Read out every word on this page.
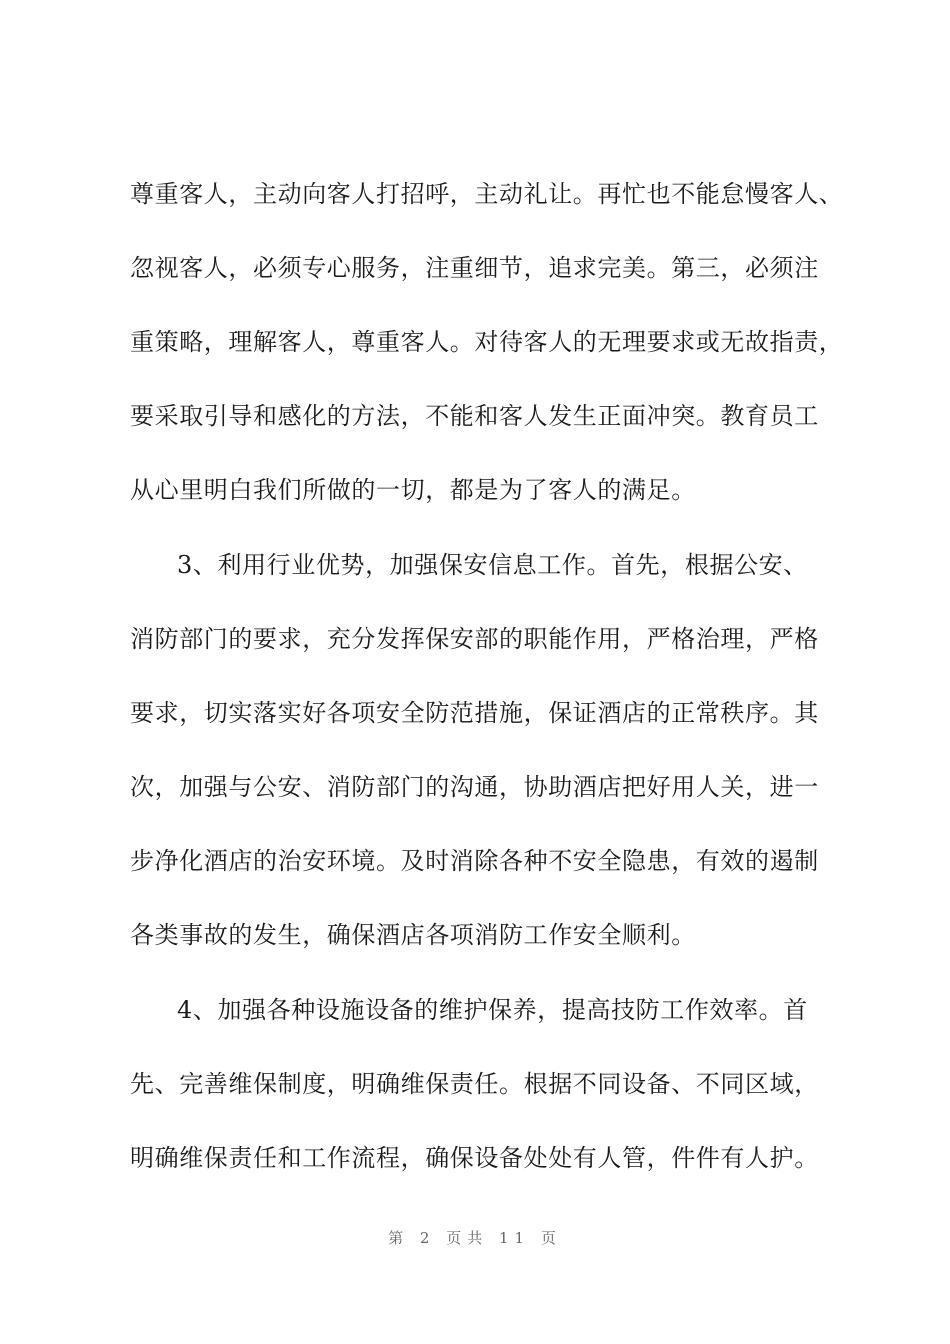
尊重客人，主动向客人打招呼，主动礼让。再忙也不能怠慢客人、
忽视客人，必须专心服务，注重细节，追求完美。第三，必须注
重策略，理解客人，尊重客人。对待客人的无理要求或无故指责，
要采取引导和感化的方法，不能和客人发生正面冲突。教育员工
从心里明白我们所做的一切，都是为了客人的满足。
3、利用行业优势，加强保安信息工作。首先，根据公安、
消防部门的要求，充分发挥保安部的职能作用，严格治理，严格
要求，切实落实好各项安全防范措施，保证酒店的正常秩序。其
次，加强与公安、消防部门的沟通，协助酒店把好用人关，进一
步净化酒店的治安环境。及时消除各种不安全隐患，有效的遏制
各类事故的发生，确保酒店各项消防工作安全顺利。
4、加强各种设施设备的维护保养，提高技防工作效率。首
先、完善维保制度，明确维保责任。根据不同设备、不同区域，
明确维保责任和工作流程，确保设备处处有人管，件件有人护。
第 2 页共 11 页
